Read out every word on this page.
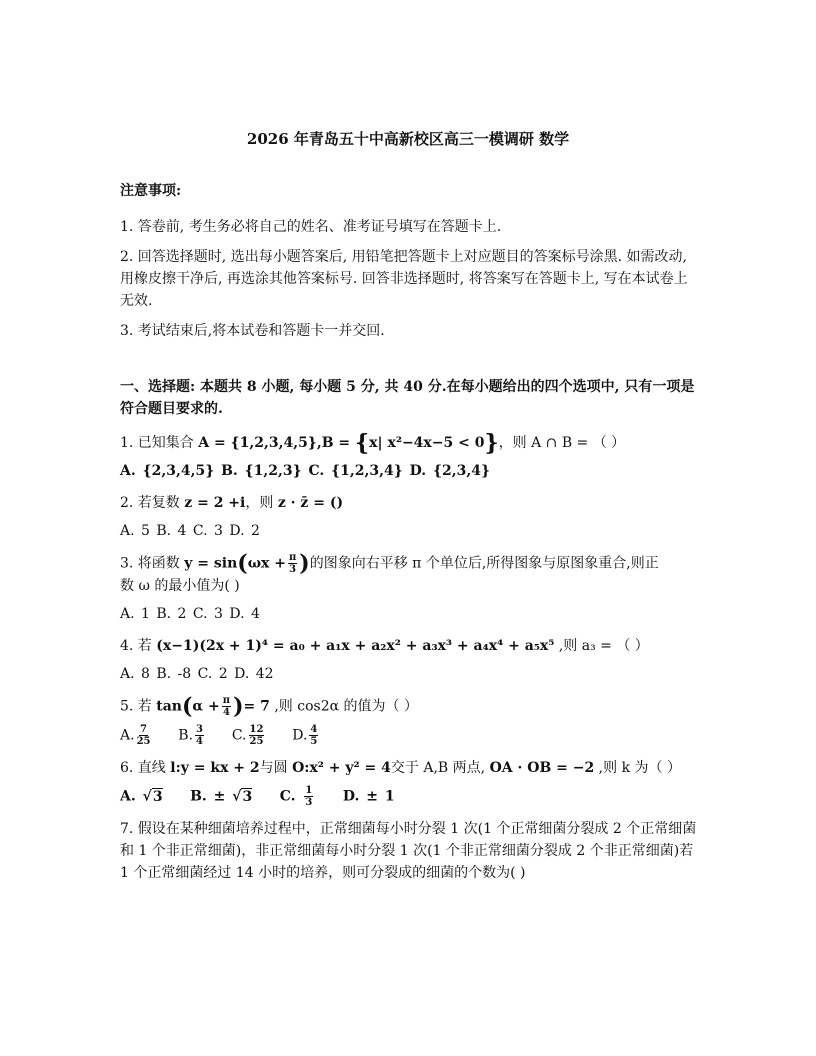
2026 年青岛五十中高新校区高三一模调研 数学
注意事项:
1. 答卷前, 考生务必将自己的姓名、准考证号填写在答题卡上.
2. 回答选择题时, 选出每小题答案后, 用铅笔把答题卡上对应题目的答案标号涂黑. 如需改动, 用橡皮擦干净后, 再选涂其他答案标号. 回答非选择题时, 将答案写在答题卡上, 写在本试卷上无效.
3. 考试结束后,将本试卷和答题卡一并交回.
一、选择题: 本题共 8 小题, 每小题 5 分, 共 40 分.在每小题给出的四个选项中, 只有一项是符合题目要求的.
1. 已知集合 A = {1,2,3,4,5},B = {x| x²−4x−5 < 0}，则 A ∩ B = （ ）
A. {2,3,4,5} B. {1,2,3} C. {1,2,3,4} D. {2,3,4}
2. 若复数 z = 2 +i，则 z · z̄ = ()
A. 5 B. 4 C. 3 D. 2
3. 将函数 $y = \sin(\omega x + \frac{\pi}{3}$ )的图象向右平移 π 个单位后,所得图象与原图象重合,则正
数 ω 的最小值为( )
A. 1 B. 2 C. 3 D. 4
4. 若 (x−1)(2x + 1)⁴ = a₀ + a₁x + a₂x² + a₃x³ + a₄x⁴ + a₅x⁵ ,则 a₃ = （ ）
A. 8 B. -8 C. 2 D. 42
5. 若 $\tan(\alpha + \frac{\pi}{4}$ )= 7 ,则 cos2α 的值为（ ）
A. $\frac{7}{25} B$. $\frac{3}{4} C$. $\frac{12}{25} D$. $\frac{4}{5}$
6. 直线 l:y = kx + 2与圆 O:x² + y² = 4交于 A,B 两点, OA · OB = −2 ,则 k 为（ ）
A. √3 B. ± √3 C. $\frac{1}{3} D$. ± 1
7. 假设在某种细菌培养过程中，正常细菌每小时分裂 1 次(1 个正常细菌分裂成 2 个正常细菌和 1 个非正常细菌)，非正常细菌每小时分裂 1 次(1 个非正常细菌分裂成 2 个非正常细菌)若 1 个正常细菌经过 14 小时的培养，则可分裂成的细菌的个数为( )
